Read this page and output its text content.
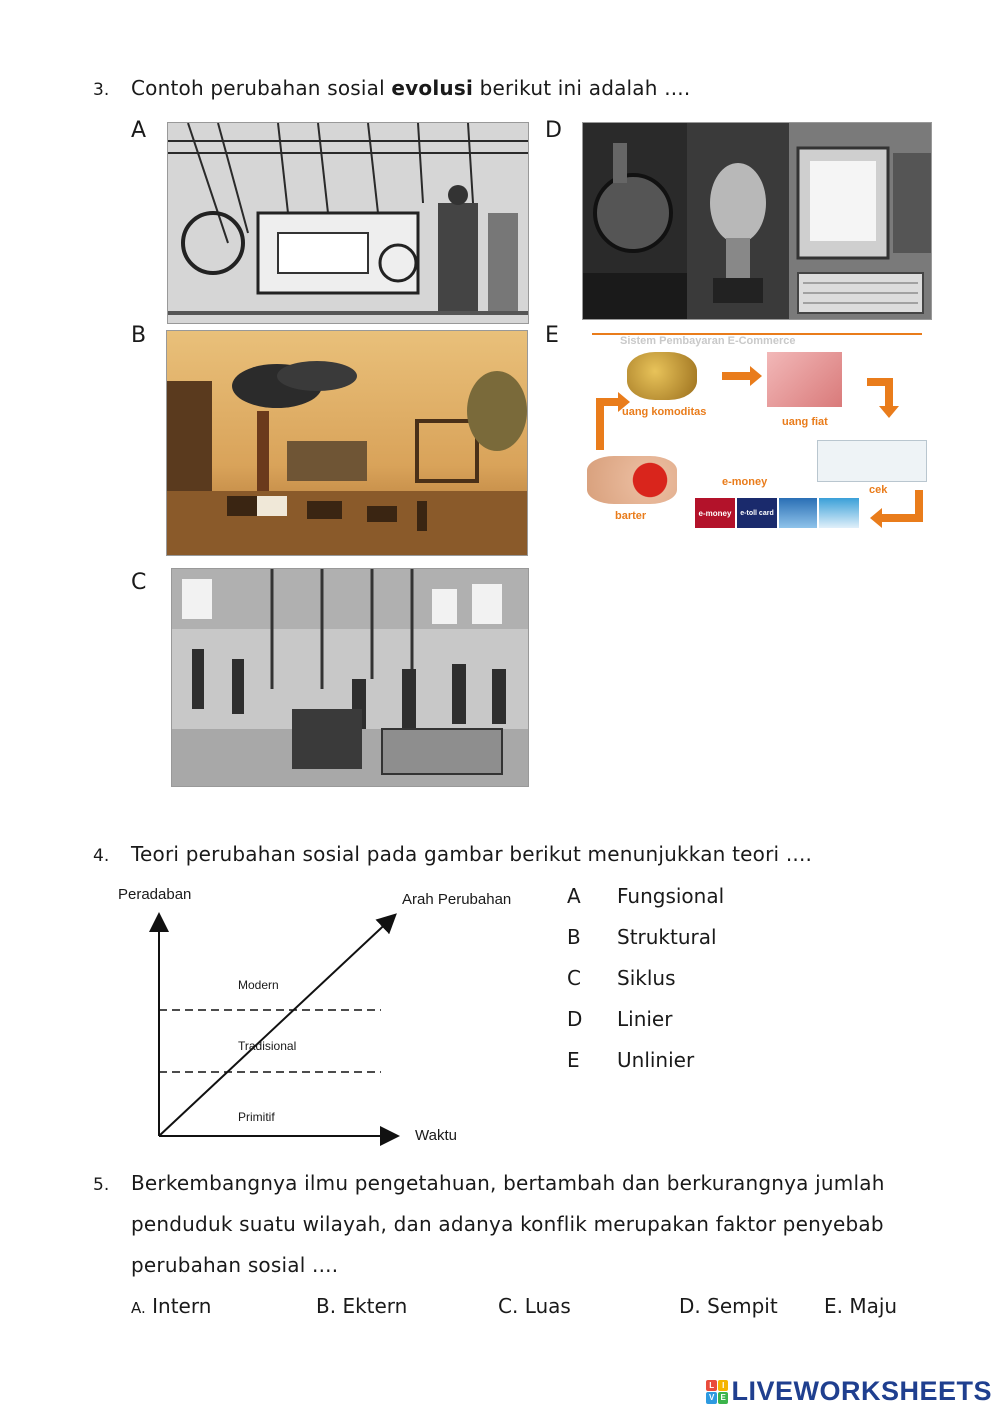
3. Contoh perubahan sosial evolusi berikut ini adalah ....
A
B
C
D
E	Sistem Pembayaran E-Commerce
uang komoditas
uang fiat
cek
e-money
e-money	e-toll card
barter
4. Teori perubahan sosial pada gambar berikut menunjukkan teori ....
Peradaban	Arah Perubahan
Waktu
Modern
Tradisional
Primitif
A Fungsional
B Struktural
C Siklus
D Linier
E Unlinier
5. Berkembangnya ilmu pengetahuan, bertambah dan berkurangnya jumlah
penduduk suatu wilayah, dan adanya konflik merupakan faktor penyebab
perubahan sosial ....
A. Intern	B. Ektern	C. Luas	D. Sempit E. Maju
L I
V E LIVEWORKSHEETS
